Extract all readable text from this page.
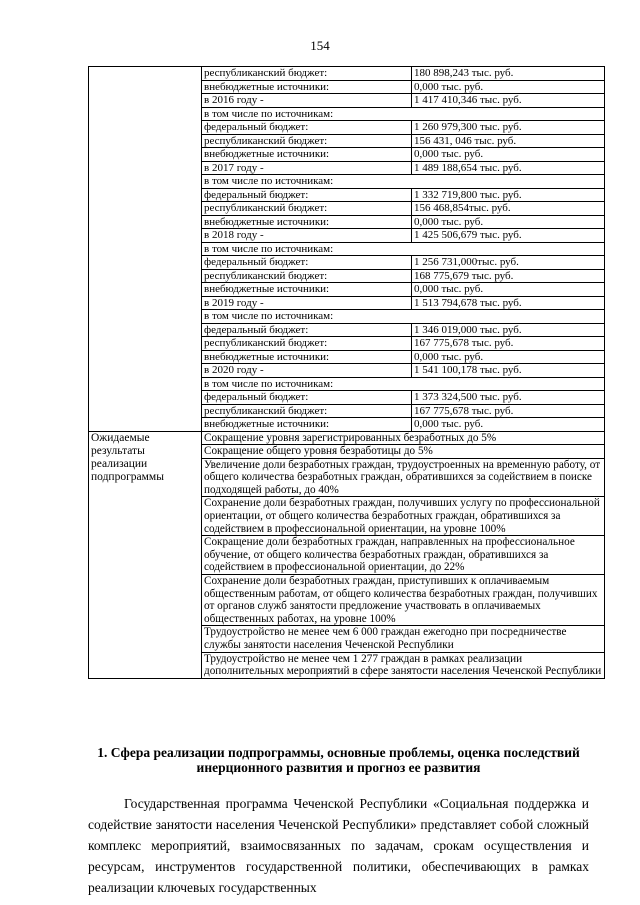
154
	республиканский бюджет:	180 898,243 тыс. руб.
	внебюджетные источники:	0,000 тыс. руб.
	в 2016 году -	1 417 410,346 тыс. руб.
	в том числе по источникам:	
	федеральный бюджет:	1 260 979,300 тыс. руб.
	республиканский бюджет:	156 431, 046 тыс. руб.
	внебюджетные источники:	0,000 тыс. руб.
	в 2017 году -	1 489 188,654 тыс. руб.
	в том числе по источникам:	
	федеральный бюджет:	1 332 719,800 тыс. руб.
	республиканский бюджет:	156 468,854тыс. руб.
	внебюджетные источники:	0,000 тыс. руб.
	в 2018 году -	1 425 506,679 тыс. руб.
	в том числе по источникам:	
	федеральный бюджет:	1 256 731,000тыс. руб.
	республиканский бюджет:	168 775,679 тыс. руб.
	внебюджетные источники:	0,000 тыс. руб.
	в 2019 году -	1 513 794,678 тыс. руб.
	в том числе по источникам:	
	федеральный бюджет:	1 346 019,000 тыс. руб.
	республиканский бюджет:	167 775,678 тыс. руб.
	внебюджетные источники:	0,000 тыс. руб.
	в 2020 году -	1 541 100,178 тыс. руб.
	в том числе по источникам:	
	федеральный бюджет:	1 373 324,500 тыс. руб.
	республиканский бюджет:	167 775,678 тыс. руб.
	внебюджетные источники:	0,000 тыс. руб.
Ожидаемые результаты реализации подпрограммы	Сокращение уровня зарегистрированных безработных до 5%	
	Сокращение общего уровня безработицы до 5%	
	Увеличение доли безработных граждан, трудоустроенных на временную работу, от общего количества безработных граждан, обратившихся за содействием в поиске подходящей работы, до 40%	
	Сохранение доли безработных граждан, получивших услугу по профессиональной ориентации, от общего количества безработных граждан, обратившихся за содействием в профессиональной ориентации, на уровне 100%	
	Сокращение доли безработных граждан, направленных на профессиональное обучение, от общего количества безработных граждан, обратившихся за содействием в профессиональной ориентации, до 22%	
	Сохранение доли безработных граждан, приступивших к оплачиваемым общественным работам, от общего количества безработных граждан, получивших от органов служб занятости предложение участвовать в оплачиваемых общественных работах, на уровне 100%	
	Трудоустройство не менее чем 6 000 граждан ежегодно при посредничестве службы занятости населения Чеченской Республики	
	Трудоустройство не менее чем 1 277 граждан в рамках реализации дополнительных мероприятий в сфере занятости населения Чеченской Республики	
1. Сфера реализации подпрограммы, основные проблемы, оценка последствий инерционного развития и прогноз ее развития

Государственная программа Чеченской Республики «Социальная поддержка и содействие занятости населения Чеченской Республики» представляет собой сложный комплекс мероприятий, взаимосвязанных по задачам, срокам осуществления и ресурсам, инструментов государственной политики, обеспечивающих в рамках реализации ключевых государственных
